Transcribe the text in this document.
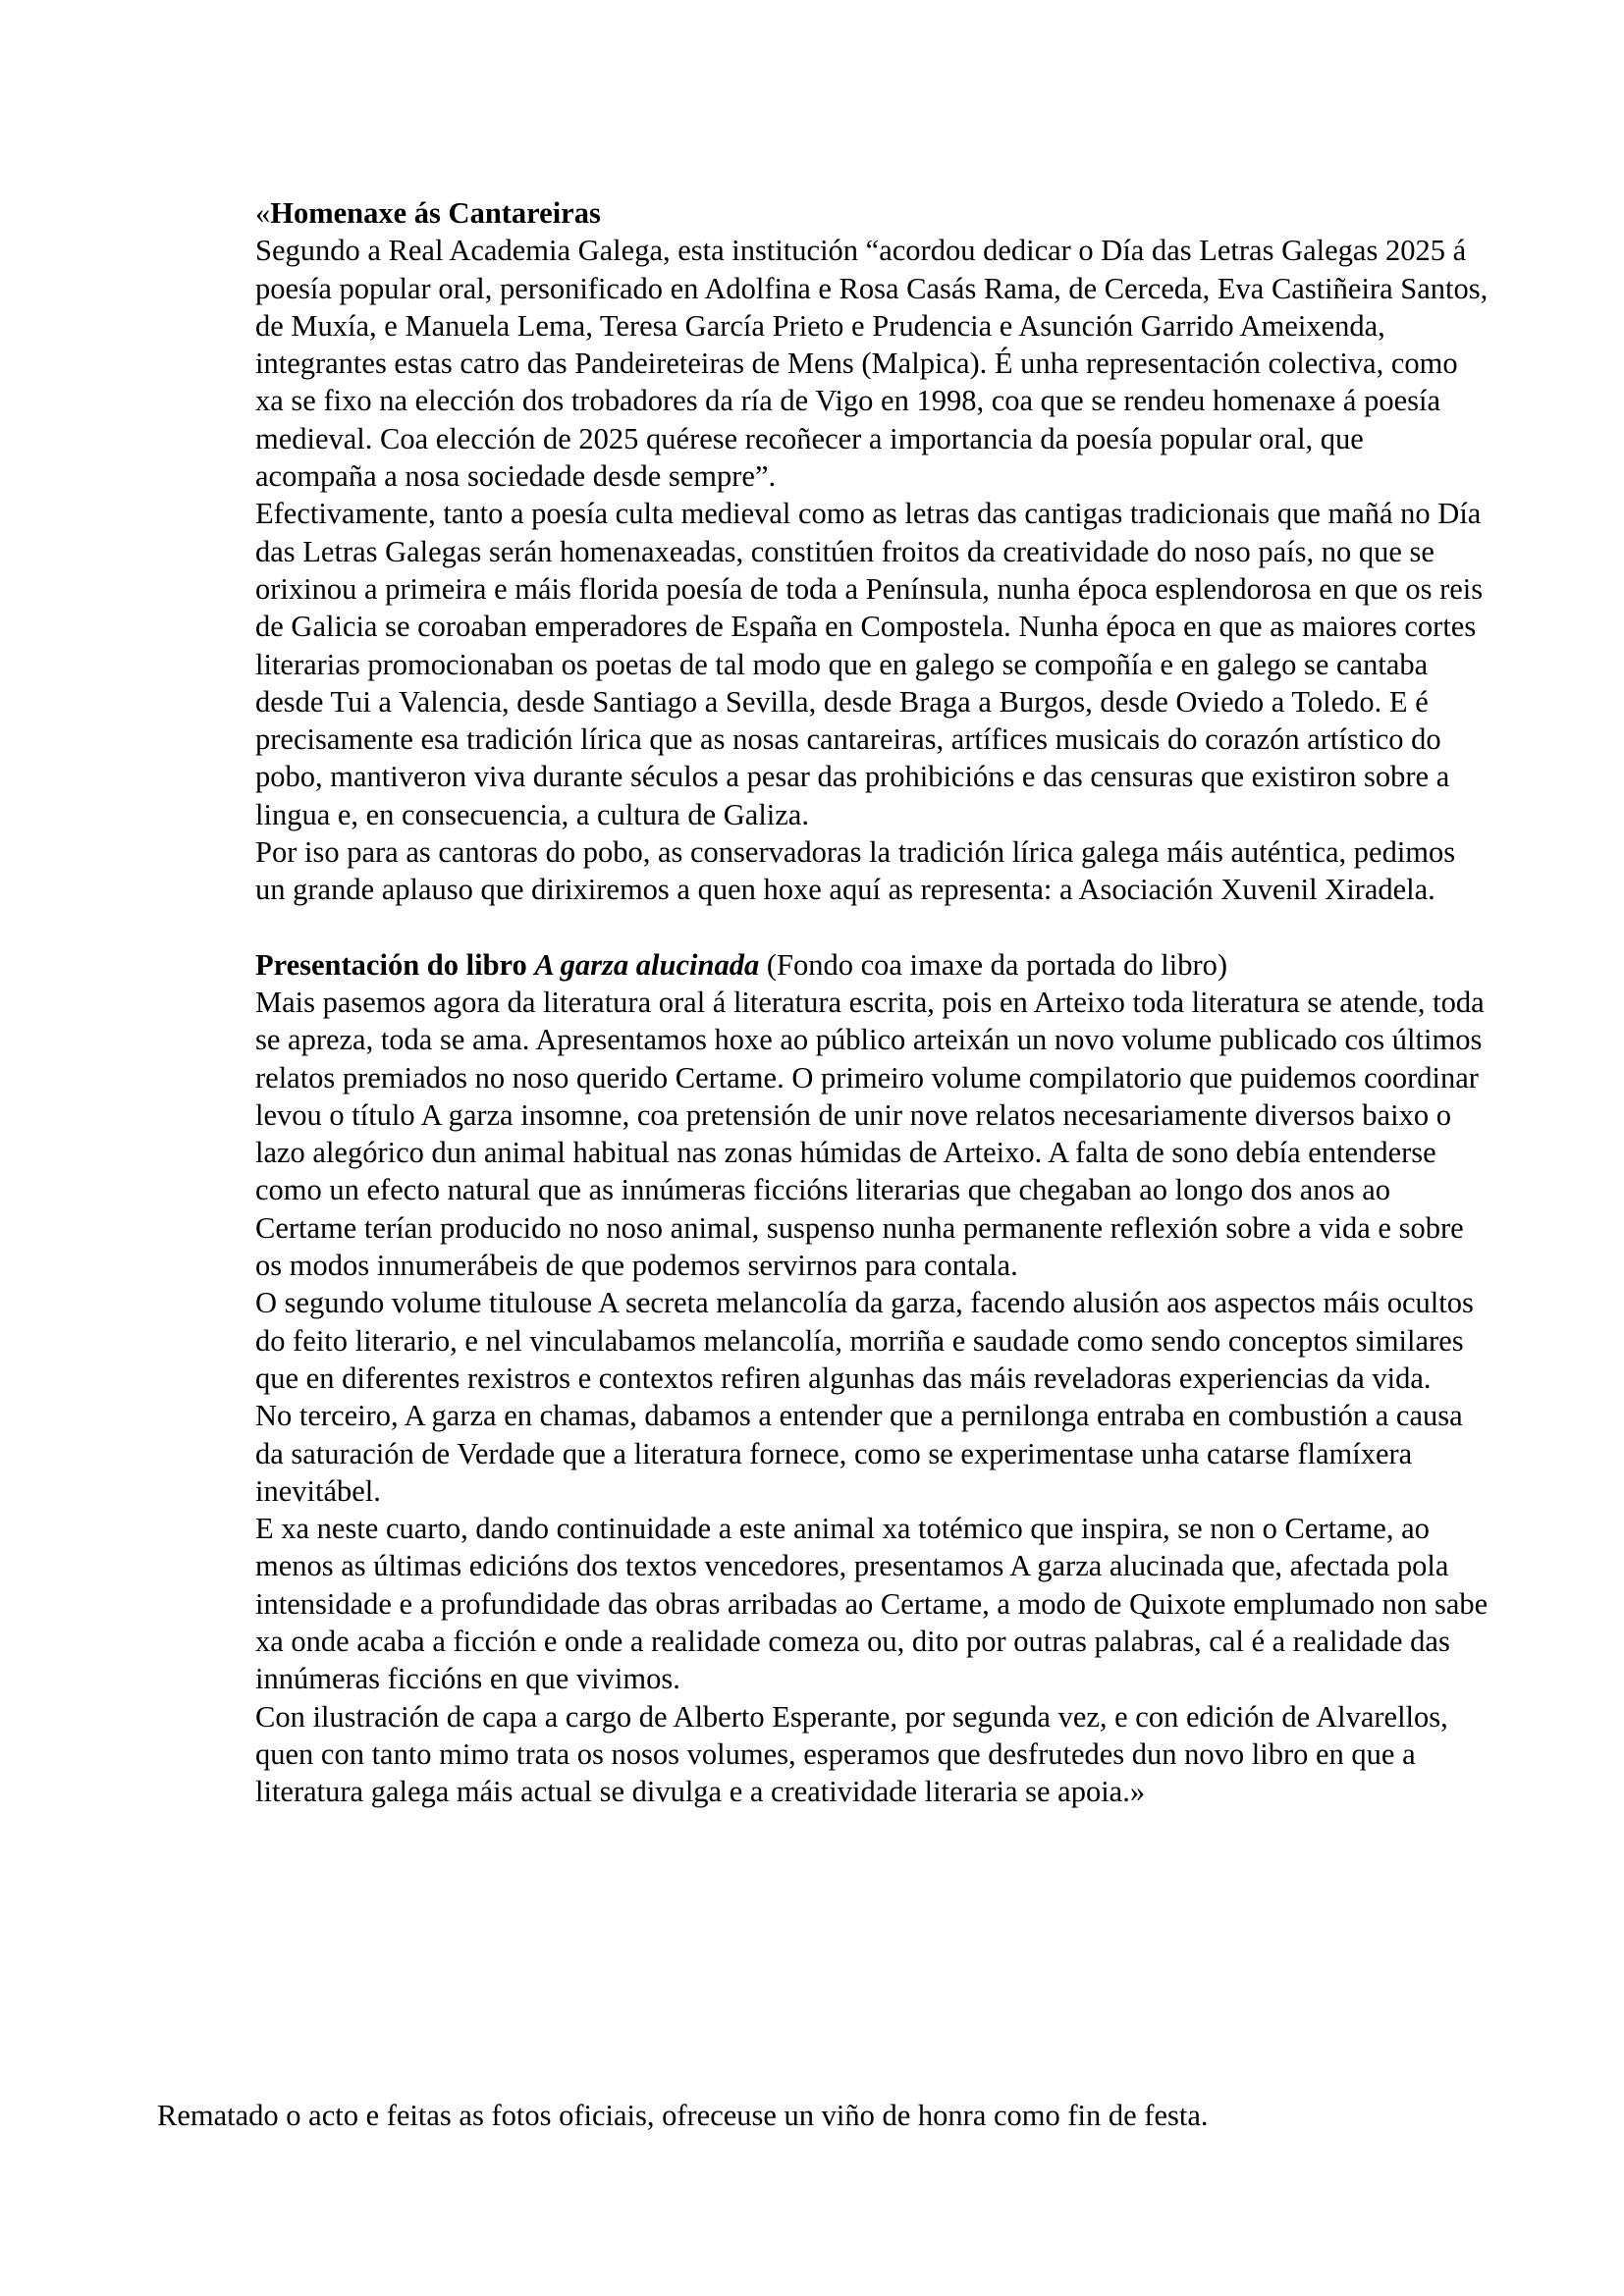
«Homenaxe ás Cantareiras

Segundo a Real Academia Galega, esta institución “acordou dedicar o Día das Letras Galegas 2025 á poesía popular oral, personificado en Adolfina e Rosa Casás Rama, de Cerceda, Eva Castiñeira Santos, de Muxía, e Manuela Lema, Teresa García Prieto e Prudencia e Asunción Garrido Ameixenda, integrantes estas catro das Pandeireteiras de Mens (Malpica). É unha representación colectiva, como xa se fixo na elección dos trobadores da ría de Vigo en 1998, coa que se rendeu homenaxe á poesía medieval. Coa elección de 2025 quérese recoñecer a importancia da poesía popular oral, que acompaña a nosa sociedade desde sempre”.

Efectivamente, tanto a poesía culta medieval como as letras das cantigas tradicionais que mañá no Día das Letras Galegas serán homenaxeadas, constitúen froitos da creatividade do noso país, no que se orixinou a primeira e máis florida poesía de toda a Península, nunha época esplendorosa en que os reis de Galicia se coroaban emperadores de España en Compostela. Nunha época en que as maiores cortes literarias promocionaban os poetas de tal modo que en galego se compoñía e en galego se cantaba desde Tui a Valencia, desde Santiago a Sevilla, desde Braga a Burgos, desde Oviedo a Toledo. E é precisamente esa tradición lírica que as nosas cantareiras, artífices musicais do corazón artístico do pobo, mantiveron viva durante séculos a pesar das prohibicións e das censuras que existiron sobre a lingua e, en consecuencia, a cultura de Galiza.

Por iso para as cantoras do pobo, as conservadoras la tradición lírica galega máis auténtica, pedimos un grande aplauso que dirixiremos a quen hoxe aquí as representa: a Asociación Xuvenil Xiradela.

Presentación do libro A garza alucinada (Fondo coa imaxe da portada do libro)

Mais pasemos agora da literatura oral á literatura escrita, pois en Arteixo toda literatura se atende, toda se apreza, toda se ama. Apresentamos hoxe ao público arteixán un novo volume publicado cos últimos relatos premiados no noso querido Certame. O primeiro volume compilatorio que puidemos coordinar levou o título A garza insomne, coa pretensión de unir nove relatos necesariamente diversos baixo o lazo alegórico dun animal habitual nas zonas húmidas de Arteixo. A falta de sono debía entenderse como un efecto natural que as innúmeras ficcións literarias que chegaban ao longo dos anos ao Certame terían producido no noso animal, suspenso nunha permanente reflexión sobre a vida e sobre os modos innumerábeis de que podemos servirnos para contala.

O segundo volume titulouse A secreta melancolía da garza, facendo alusión aos aspectos máis ocultos do feito literario, e nel vinculabamos melancolía, morriña e saudade como sendo conceptos similares que en diferentes rexistros e contextos refiren algunhas das máis reveladoras experiencias da vida.

No terceiro, A garza en chamas, dabamos a entender que a pernilonga entraba en combustión a causa da saturación de Verdade que a literatura fornece, como se experimentase unha catarse flamíxera inevitábel.

E xa neste cuarto, dando continuidade a este animal xa totémico que inspira, se non o Certame, ao menos as últimas edicións dos textos vencedores, presentamos A garza alucinada que, afectada pola intensidade e a profundidade das obras arribadas ao Certame, a modo de Quixote emplumado non sabe xa onde acaba a ficción e onde a realidade comeza ou, dito por outras palabras, cal é a realidade das innúmeras ficcións en que vivimos.

Con ilustración de capa a cargo de Alberto Esperante, por segunda vez, e con edición de Alvarellos, quen con tanto mimo trata os nosos volumes, esperamos que desfrutedes dun novo libro en que a literatura galega máis actual se divulga e a creatividade literaria se apoia.»

Rematado o acto e feitas as fotos oficiais, ofreceuse un viño de honra como fin de festa.
